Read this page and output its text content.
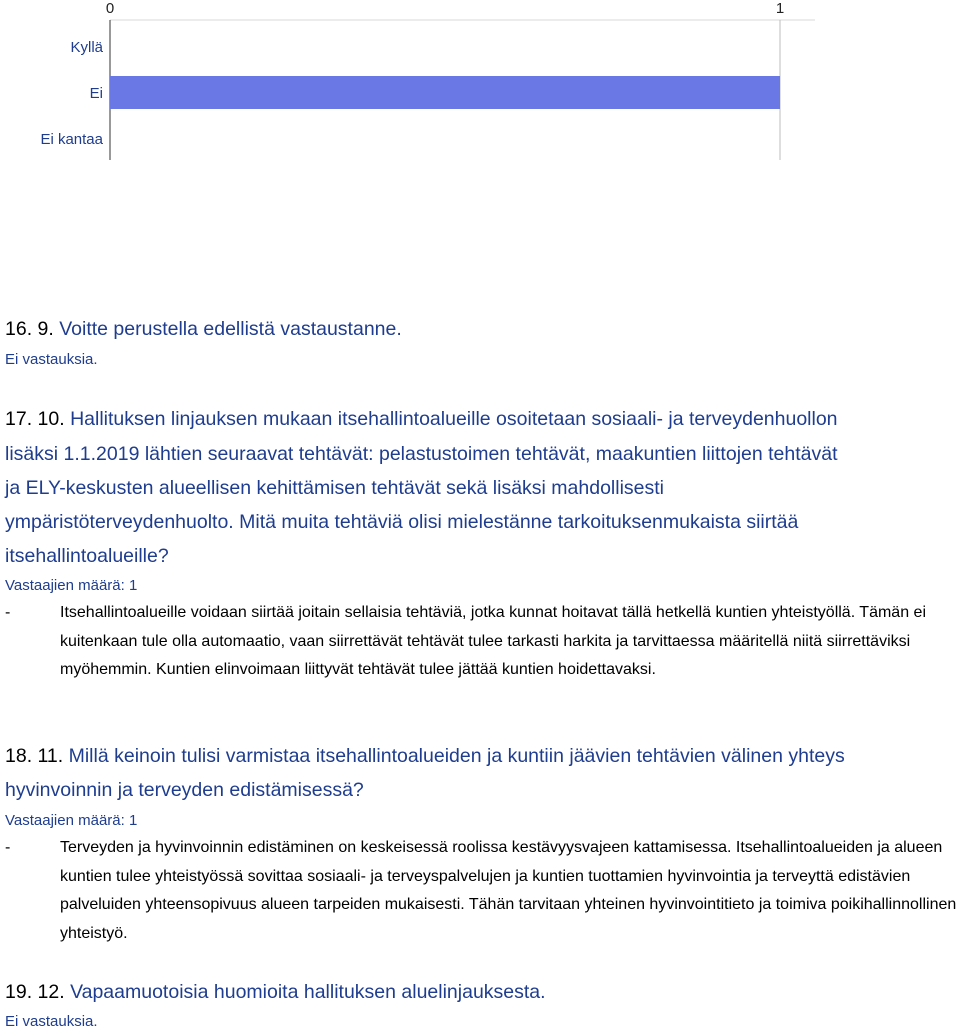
0	1
Kyllä
Ei
Ei kantaa
16. 9. Voitte perustella edellistä vastaustanne.
Ei vastauksia.
17. 10. Hallituksen linjauksen mukaan itsehallintoalueille osoitetaan sosiaali- ja terveydenhuollon
lisäksi 1.1.2019 lähtien seuraavat tehtävät: pelastustoimen tehtävät, maakuntien liittojen tehtävät
ja ELY-keskusten alueellisen kehittämisen tehtävät sekä lisäksi mahdollisesti
ympäristöterveydenhuolto. Mitä muita tehtäviä olisi mielestänne tarkoituksenmukaista siirtää
itsehallintoalueille?
Vastaajien määrä: 1
-	Itsehallintoalueille voidaan siirtää joitain sellaisia tehtäviä, jotka kunnat hoitavat tällä hetkellä kuntien yhteistyöllä. Tämän ei kuitenkaan tule olla automaatio, vaan siirrettävät tehtävät tulee tarkasti harkita ja tarvittaessa määritellä niitä siirrettäviksi myöhemmin. Kuntien elinvoimaan liittyvät tehtävät tulee jättää kuntien hoidettavaksi.
18. 11. Millä keinoin tulisi varmistaa itsehallintoalueiden ja kuntiin jäävien tehtävien välinen yhteys
hyvinvoinnin ja terveyden edistämisessä?
Vastaajien määrä: 1
-	Terveyden ja hyvinvoinnin edistäminen on keskeisessä roolissa kestävyysvajeen kattamisessa. Itsehallintoalueiden ja alueen kuntien tulee yhteistyössä sovittaa sosiaali- ja terveyspalvelujen ja kuntien tuottamien hyvinvointia ja terveyttä edistävien palveluiden yhteensopivuus alueen tarpeiden mukaisesti. Tähän tarvitaan yhteinen hyvinvointitieto ja toimiva poikihallinnollinen yhteistyö.
19. 12. Vapaamuotoisia huomioita hallituksen aluelinjauksesta.
Ei vastauksia.
